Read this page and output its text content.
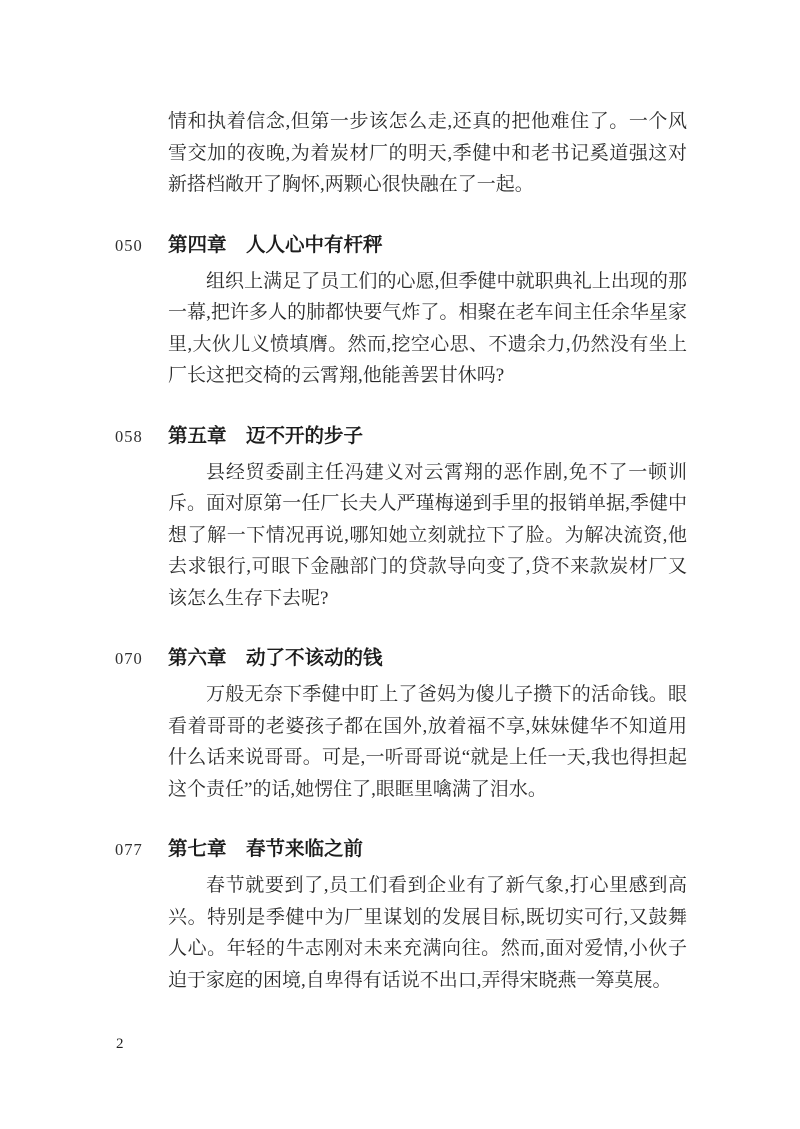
情和执着信念,但第一步该怎么走,还真的把他难住了。一个风雪交加的夜晚,为着炭材厂的明天,季健中和老书记奚道强这对新搭档敞开了胸怀,两颗心很快融在了一起。

050	第四章 人人心中有杆秤

组织上满足了员工们的心愿,但季健中就职典礼上出现的那一幕,把许多人的肺都快要气炸了。相聚在老车间主任余华星家里,大伙儿义愤填膺。然而,挖空心思、不遗余力,仍然没有坐上厂长这把交椅的云霄翔,他能善罢甘休吗?

058	第五章 迈不开的步子

县经贸委副主任冯建义对云霄翔的恶作剧,免不了一顿训斥。面对原第一任厂长夫人严瑾梅递到手里的报销单据,季健中想了解一下情况再说,哪知她立刻就拉下了脸。为解决流资,他去求银行,可眼下金融部门的贷款导向变了,贷不来款炭材厂又该怎么生存下去呢?

070	第六章 动了不该动的钱

万般无奈下季健中盯上了爸妈为傻儿子攒下的活命钱。眼看着哥哥的老婆孩子都在国外,放着福不享,妹妹健华不知道用什么话来说哥哥。可是,一听哥哥说“就是上任一天,我也得担起这个责任”的话,她愣住了,眼眶里噙满了泪水。

077	第七章 春节来临之前

春节就要到了,员工们看到企业有了新气象,打心里感到高兴。特别是季健中为厂里谋划的发展目标,既切实可行,又鼓舞人心。年轻的牛志刚对未来充满向往。然而,面对爱情,小伙子迫于家庭的困境,自卑得有话说不出口,弄得宋晓燕一筹莫展。

2
